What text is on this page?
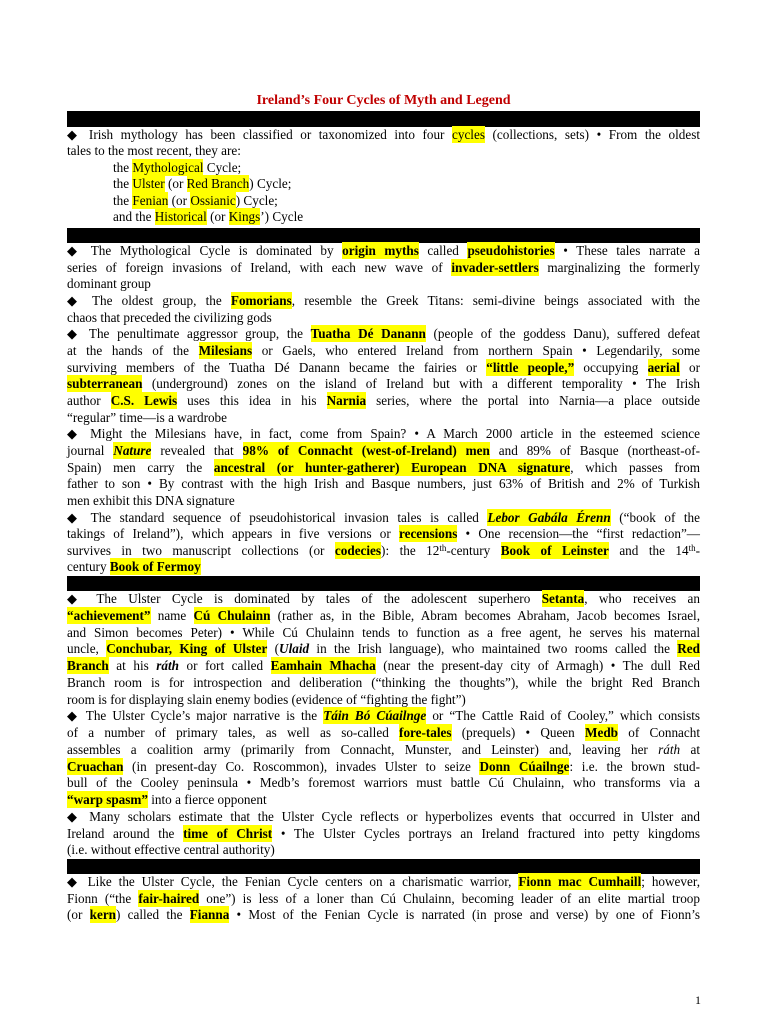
Ireland’s Four Cycles of Myth and Legend
◆ Irish mythology has been classified or taxonomized into four cycles (collections, sets) • From the oldest
tales to the most recent, they are:
the Mythological Cycle;
the Ulster (or Red Branch) Cycle;
the Fenian (or Ossianic) Cycle;
and the Historical (or Kings’) Cycle
◆ The Mythological Cycle is dominated by origin myths called pseudohistories • These tales narrate a
series of foreign invasions of Ireland, with each new wave of invader-settlers marginalizing the formerly
dominant group
◆ The oldest group, the Fomorians, resemble the Greek Titans: semi-divine beings associated with the
chaos that preceded the civilizing gods
◆ The penultimate aggressor group, the Tuatha Dé Danann (people of the goddess Danu), suffered defeat
at the hands of the Milesians or Gaels, who entered Ireland from northern Spain • Legendarily, some
surviving members of the Tuatha Dé Danann became the fairies or “little people,” occupying aerial or
subterranean (underground) zones on the island of Ireland but with a different temporality • The Irish
author C.S. Lewis uses this idea in his Narnia series, where the portal into Narnia—a place outside
“regular” time—is a wardrobe
◆ Might the Milesians have, in fact, come from Spain? • A March 2000 article in the esteemed science
journal Nature revealed that 98% of Connacht (west-of-Ireland) men and 89% of Basque (northeast-of-
Spain) men carry the ancestral (or hunter-gatherer) European DNA signature, which passes from
father to son • By contrast with the high Irish and Basque numbers, just 63% of British and 2% of Turkish
men exhibit this DNA signature
◆ The standard sequence of pseudohistorical invasion tales is called Lebor Gabála Érenn (“book of the
takings of Ireland”), which appears in five versions or recensions • One recension—the “first redaction”—
survives in two manuscript collections (or codecies): the 12th-century Book of Leinster and the 14th-
century Book of Fermoy
◆ The Ulster Cycle is dominated by tales of the adolescent superhero Setanta, who receives an
“achievement” name Cú Chulainn (rather as, in the Bible, Abram becomes Abraham, Jacob becomes Israel,
and Simon becomes Peter) • While Cú Chulainn tends to function as a free agent, he serves his maternal
uncle, Conchubar, King of Ulster (Ulaid in the Irish language), who maintained two rooms called the Red
Branch at his ráth or fort called Eamhain Mhacha (near the present-day city of Armagh) • The dull Red
Branch room is for introspection and deliberation (“thinking the thoughts”), while the bright Red Branch
room is for displaying slain enemy bodies (evidence of “fighting the fight”)
◆ The Ulster Cycle’s major narrative is the Táin Bó Cúailnge or “The Cattle Raid of Cooley,” which consists
of a number of primary tales, as well as so-called fore-tales (prequels) • Queen Medb of Connacht
assembles a coalition army (primarily from Connacht, Munster, and Leinster) and, leaving her ráth at
Cruachan (in present-day Co. Roscommon), invades Ulster to seize Donn Cúailnge: i.e. the brown stud-
bull of the Cooley peninsula • Medb’s foremost warriors must battle Cú Chulainn, who transforms via a
“warp spasm” into a fierce opponent
◆ Many scholars estimate that the Ulster Cycle reflects or hyperbolizes events that occurred in Ulster and
Ireland around the time of Christ • The Ulster Cycles portrays an Ireland fractured into petty kingdoms
(i.e. without effective central authority)
◆ Like the Ulster Cycle, the Fenian Cycle centers on a charismatic warrior, Fionn mac Cumhaill; however,
Fionn (“the fair-haired one”) is less of a loner than Cú Chulainn, becoming leader of an elite martial troop
(or kern) called the Fianna • Most of the Fenian Cycle is narrated (in prose and verse) by one of Fionn’s
1
